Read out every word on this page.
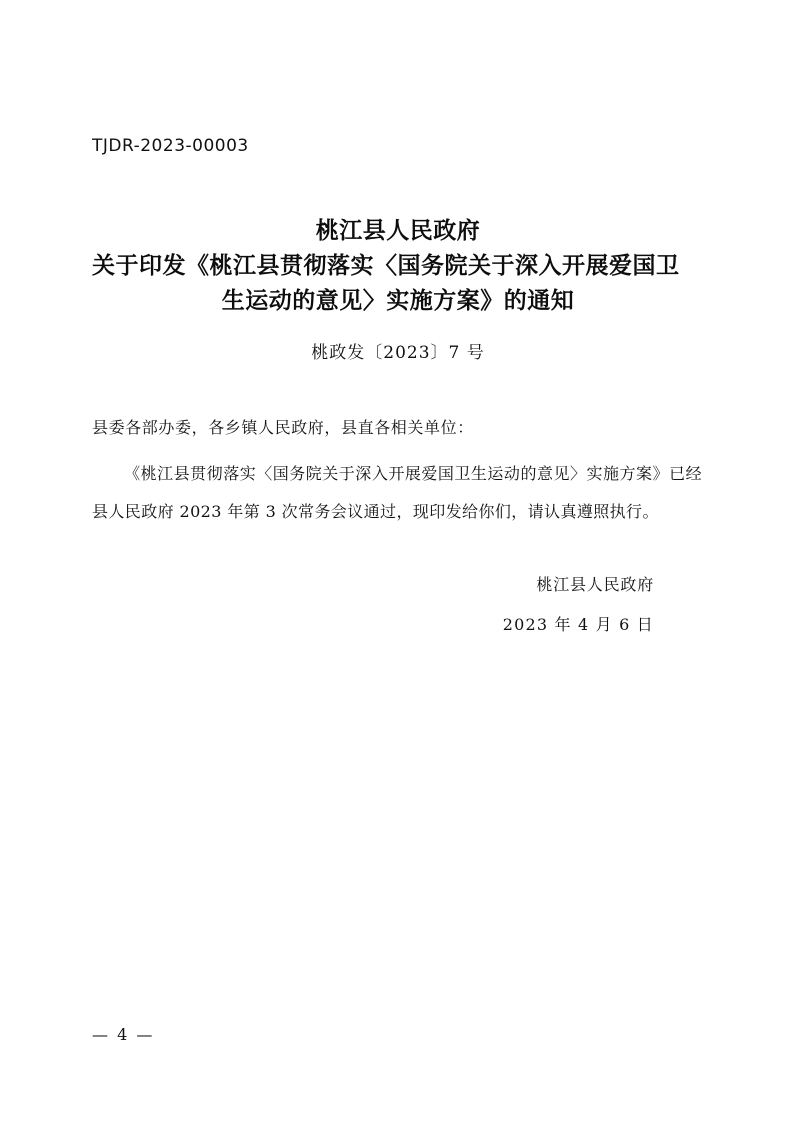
TJDR-2023-00003
桃江县人民政府
关于印发《桃江县贯彻落实〈国务院关于深入开展爱国卫
生运动的意见〉实施方案》的通知
桃政发〔2023〕7 号
县委各部办委，各乡镇人民政府，县直各相关单位：
《桃江县贯彻落实〈国务院关于深入开展爱国卫生运动的意见〉实施方案》已经县人民政府 2023 年第 3 次常务会议通过，现印发给你们，请认真遵照执行。
桃江县人民政府
2023 年 4 月 6 日
— 4 —
